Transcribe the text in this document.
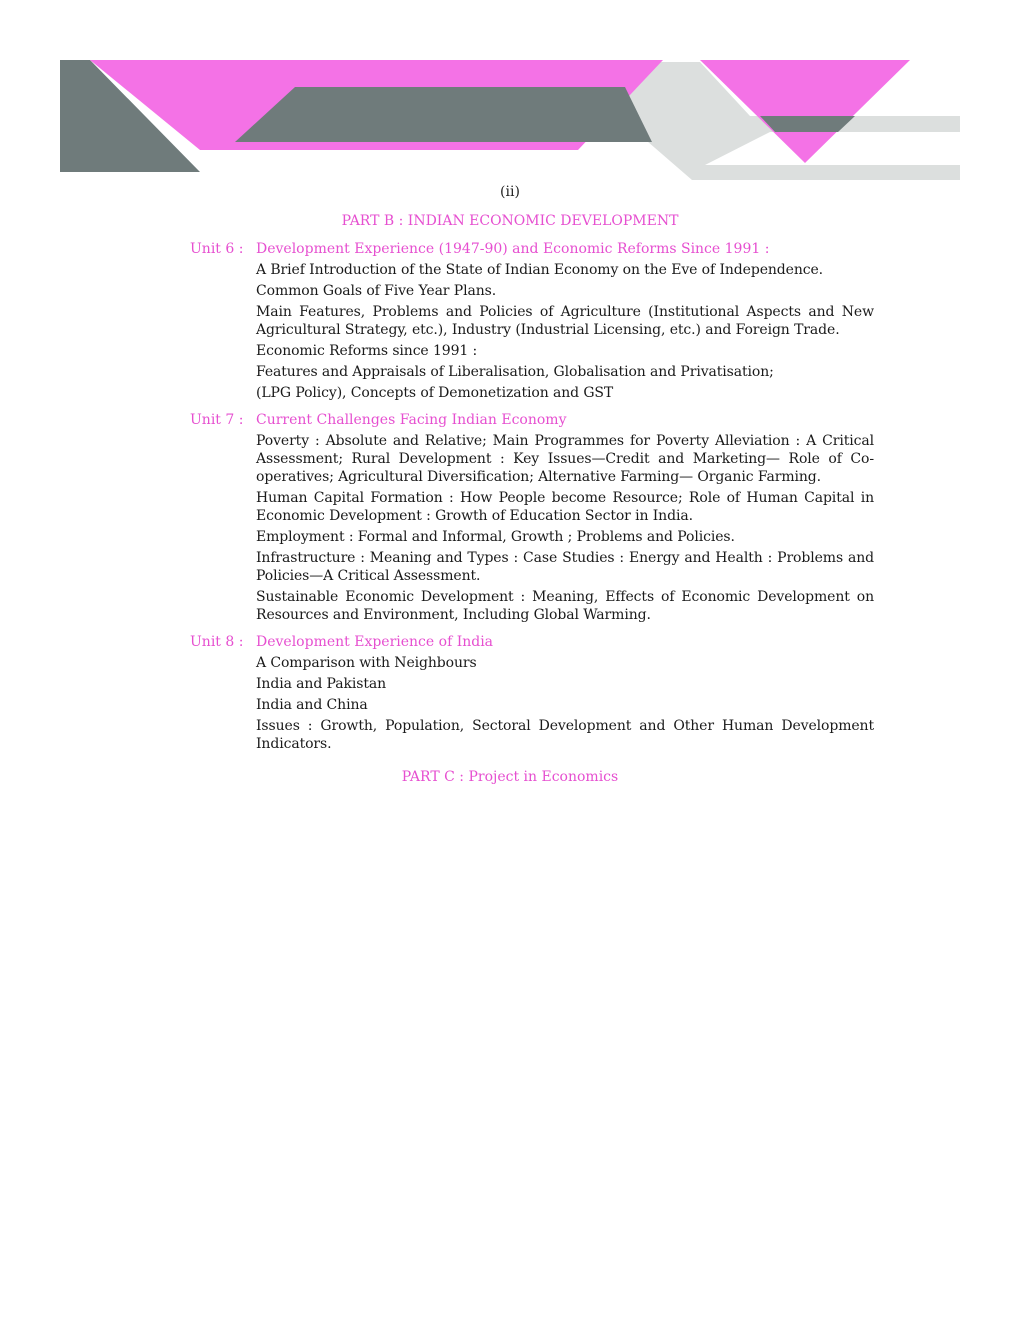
(ii)
PART B : INDIAN ECONOMIC DEVELOPMENT
Unit 6 : Development Experience (1947-90) and Economic Reforms Since 1991 :

A Brief Introduction of the State of Indian Economy on the Eve of Independence.

Common Goals of Five Year Plans.

Main Features, Problems and Policies of Agriculture (Institutional Aspects and New Agricultural Strategy, etc.), Industry (Industrial Licensing, etc.) and Foreign Trade.

Economic Reforms since 1991 :

Features and Appraisals of Liberalisation, Globalisation and Privatisation;

(LPG Policy), Concepts of Demonetization and GST

Unit 7 : Current Challenges Facing Indian Economy

Poverty : Absolute and Relative; Main Programmes for Poverty Alleviation : A Critical Assessment; Rural Development : Key Issues—Credit and Marketing— Role of Co-operatives; Agricultural Diversification; Alternative Farming— Organic Farming.

Human Capital Formation : How People become Resource; Role of Human Capital in Economic Development : Growth of Education Sector in India.

Employment : Formal and Informal, Growth ; Problems and Policies.

Infrastructure : Meaning and Types : Case Studies : Energy and Health : Problems and Policies—A Critical Assessment.

Sustainable Economic Development : Meaning, Effects of Economic Development on Resources and Environment, Including Global Warming.

Unit 8 : Development Experience of India

A Comparison with Neighbours

India and Pakistan

India and China

Issues : Growth, Population, Sectoral Development and Other Human Development Indicators.

PART C : Project in Economics
